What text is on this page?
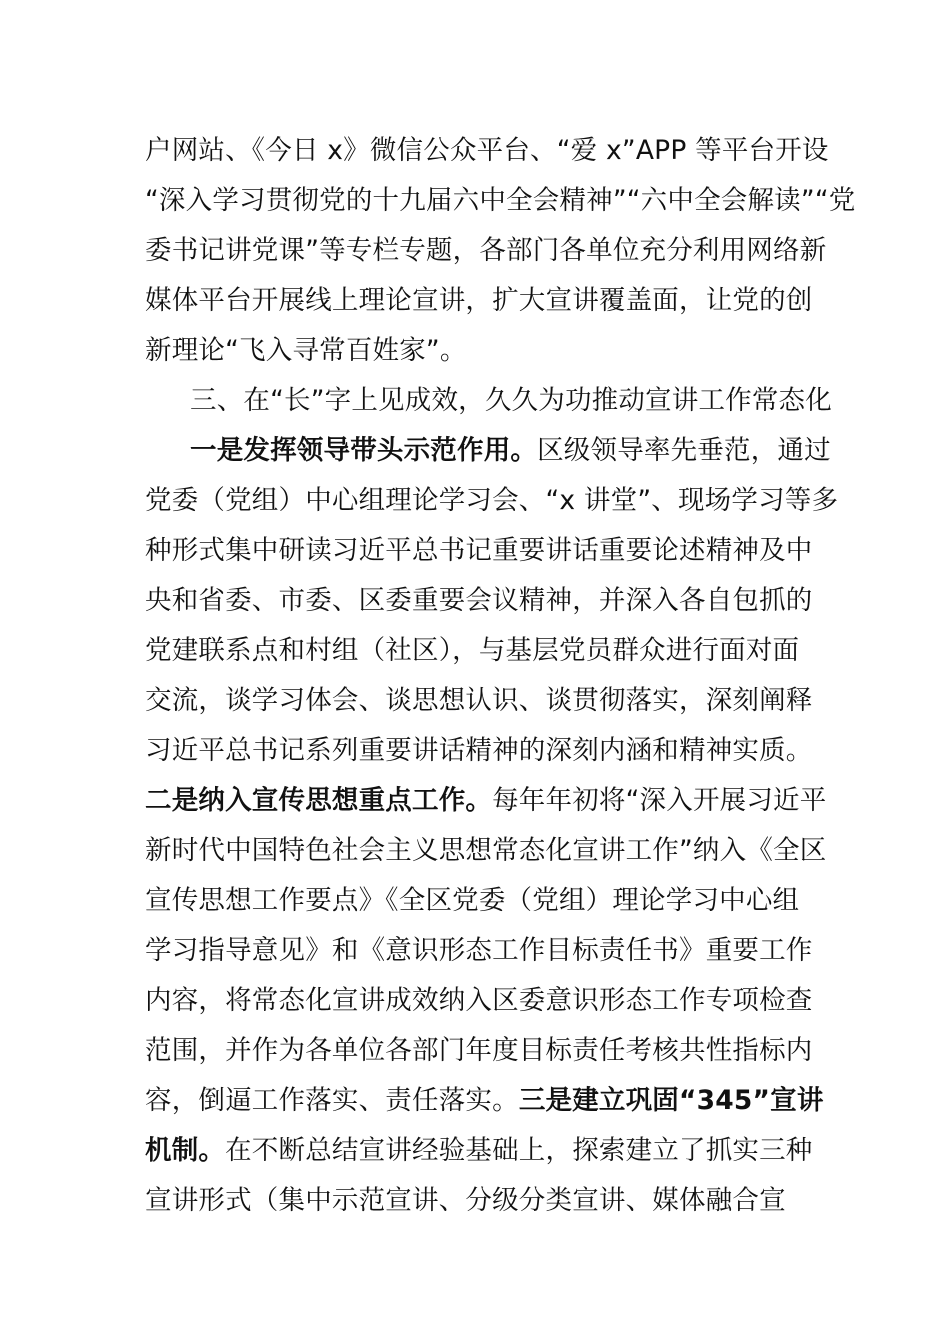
户网站、《今日 x》微信公众平台、“爱 x”APP 等平台开设
“深入学习贯彻党的十九届六中全会精神”“六中全会解读”“党
委书记讲党课”等专栏专题，各部门各单位充分利用网络新
媒体平台开展线上理论宣讲，扩大宣讲覆盖面，让党的创
新理论“飞入寻常百姓家”。
三、在“长”字上见成效，久久为功推动宣讲工作常态化
一是发挥领导带头示范作用。区级领导率先垂范，通过
党委（党组）中心组理论学习会、“x 讲堂”、现场学习等多
种形式集中研读习近平总书记重要讲话重要论述精神及中
央和省委、市委、区委重要会议精神，并深入各自包抓的
党建联系点和村组（社区），与基层党员群众进行面对面
交流，谈学习体会、谈思想认识、谈贯彻落实，深刻阐释
习近平总书记系列重要讲话精神的深刻内涵和精神实质。
二是纳入宣传思想重点工作。每年年初将“深入开展习近平
新时代中国特色社会主义思想常态化宣讲工作”纳入《全区
宣传思想工作要点》《全区党委（党组）理论学习中心组
学习指导意见》和《意识形态工作目标责任书》重要工作
内容，将常态化宣讲成效纳入区委意识形态工作专项检查
范围，并作为各单位各部门年度目标责任考核共性指标内
容，倒逼工作落实、责任落实。三是建立巩固“345”宣讲
机制。在不断总结宣讲经验基础上，探索建立了抓实三种
宣讲形式（集中示范宣讲、分级分类宣讲、媒体融合宣
